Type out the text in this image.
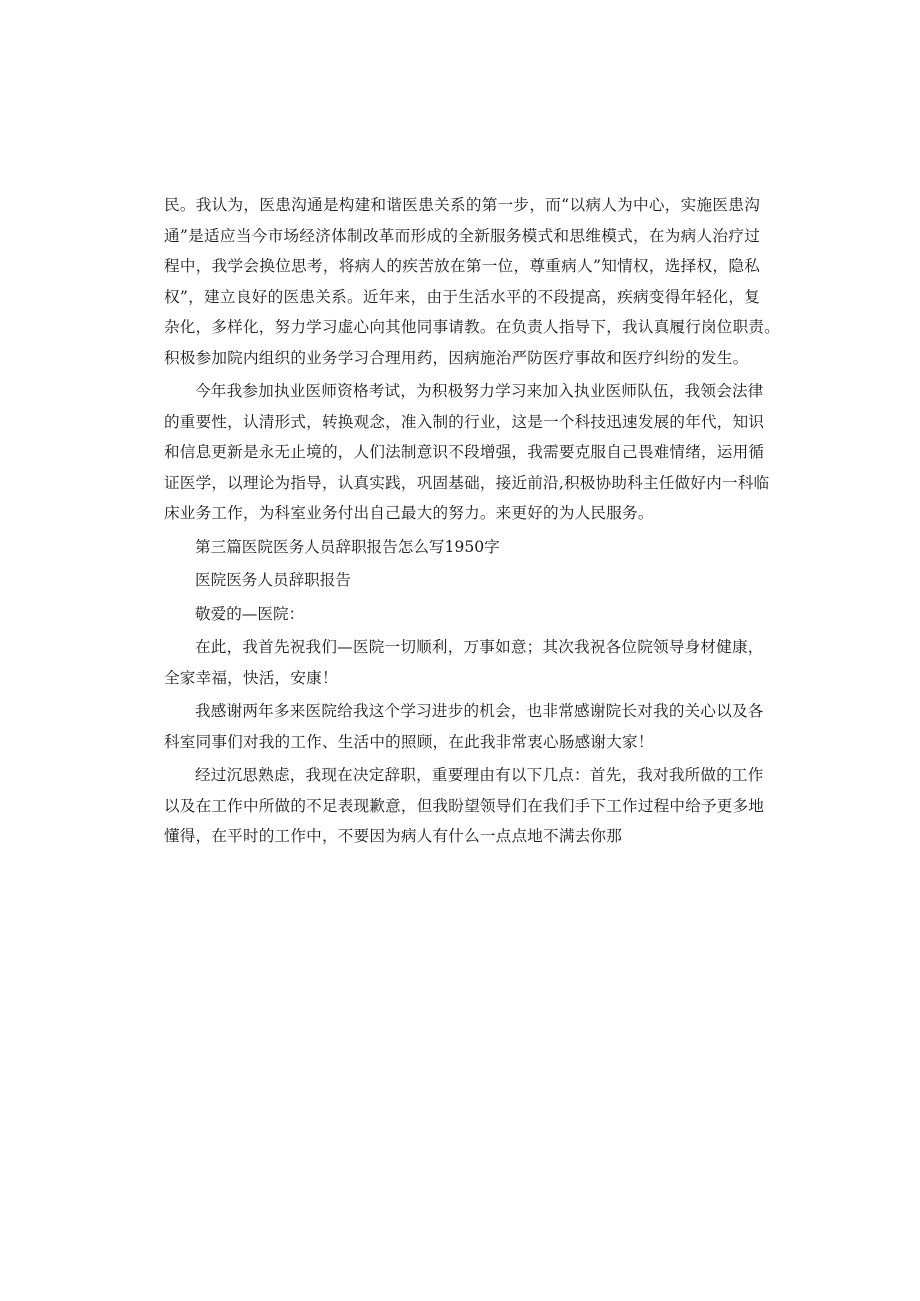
民。我认为，医患沟通是构建和谐医患关系的第一步，而“以病人为中心，实施医患沟
通”是适应当今市场经济体制改革而形成的全新服务模式和思维模式，在为病人治疗过
程中，我学会换位思考，将病人的疾苦放在第一位，尊重病人”知情权，选择权，隐私
权”，建立良好的医患关系。近年来，由于生活水平的不段提高，疾病变得年轻化，复
杂化，多样化，努力学习虚心向其他同事请教。在负责人指导下，我认真履行岗位职责。
积极参加院内组织的业务学习合理用药，因病施治严防医疗事故和医疗纠纷的发生。
今年我参加执业医师资格考试，为积极努力学习来加入执业医师队伍，我领会法律
的重要性，认清形式，转换观念，准入制的行业，这是一个科技迅速发展的年代，知识
和信息更新是永无止境的，人们法制意识不段增强，我需要克服自己畏难情绪，运用循
证医学，以理论为指导，认真实践，巩固基础，接近前沿,积极协助科主任做好内一科临
床业务工作，为科室业务付出自己最大的努力。来更好的为人民服务。
第三篇医院医务人员辞职报告怎么写1950字
医院医务人员辞职报告
敬爱的—医院：
在此，我首先祝我们—医院一切顺利，万事如意；其次我祝各位院领导身材健康，
全家幸福，快活，安康！
我感谢两年多来医院给我这个学习进步的机会，也非常感谢院长对我的关心以及各
科室同事们对我的工作、生活中的照顾，在此我非常衷心肠感谢大家！
经过沉思熟虑，我现在决定辞职，重要理由有以下几点：首先，我对我所做的工作
以及在工作中所做的不足表现歉意，但我盼望领导们在我们手下工作过程中给予更多地
懂得，在平时的工作中，不要因为病人有什么一点点地不满去你那
